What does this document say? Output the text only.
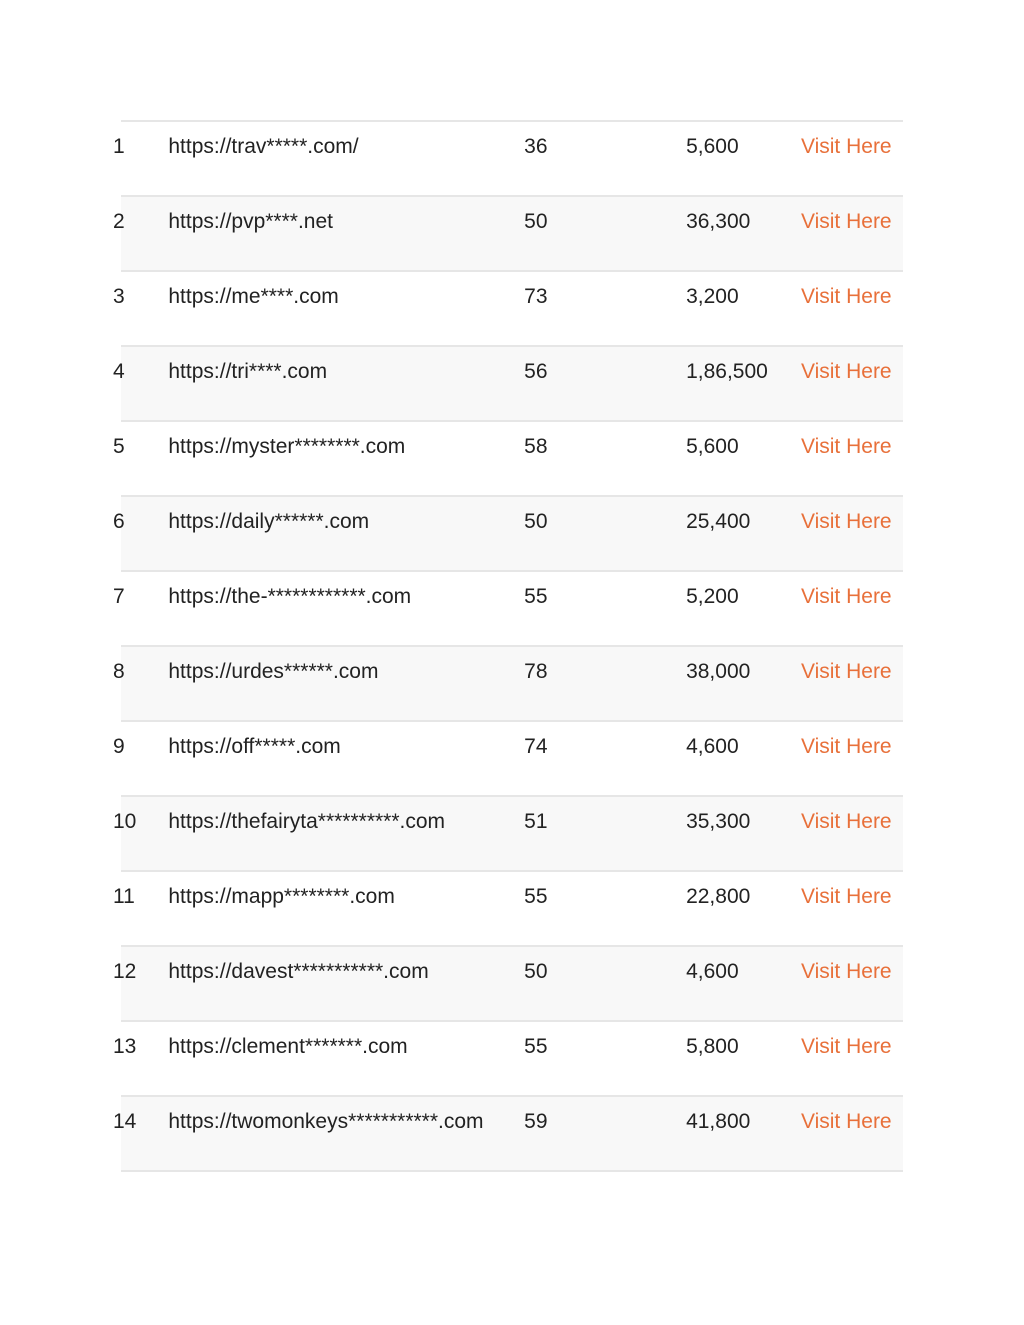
1	https://trav*****.com/	36	5,600	Visit Here

2	https://pvp****.net	50	36,300	Visit Here

3	https://me****.com	73	3,200	Visit Here

4	https://tri****.com	56	1,86,500	Visit Here

5	https://myster********.com	58	5,600	Visit Here

6	https://daily******.com	50	25,400	Visit Here

7	https://the-************.com	55	5,200	Visit Here

8	https://urdes******.com	78	38,000	Visit Here

9	https://off*****.com	74	4,600	Visit Here

10	https://thefairyta**********.com	51	35,300	Visit Here

11	https://mapp********.com	55	22,800	Visit Here

12	https://davest***********.com	50	4,600	Visit Here

13	https://clement*******.com	55	5,800	Visit Here

14	https://twomonkeys***********.com	59	41,800	Visit Here
